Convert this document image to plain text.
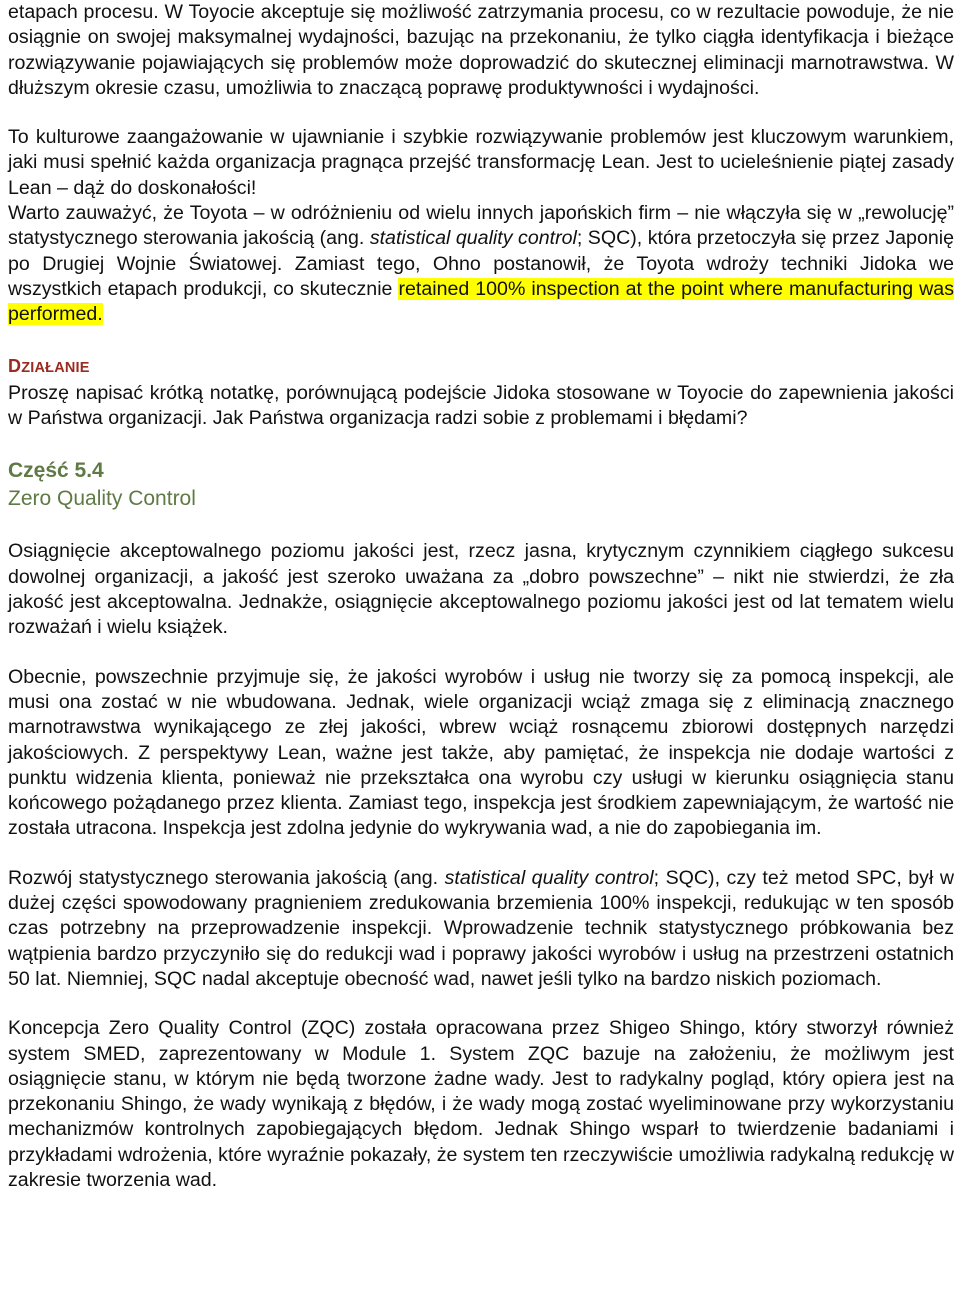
etapach procesu. W Toyocie akceptuje się możliwość zatrzymania procesu, co w rezultacie powoduje, że nie osiągnie on swojej maksymalnej wydajności, bazując na przekonaniu, że tylko ciągła identyfikacja i bieżące rozwiązywanie pojawiających się problemów może doprowadzić do skutecznej eliminacji marnotrawstwa. W dłuższym okresie czasu, umożliwia to znaczącą poprawę produktywności i wydajności.

To kulturowe zaangażowanie w ujawnianie i szybkie rozwiązywanie problemów jest kluczowym warunkiem, jaki musi spełnić każda organizacja pragnąca przejść transformację Lean. Jest to ucieleśnienie piątej zasady Lean – dąż do doskonałości!

Warto zauważyć, że Toyota – w odróżnieniu od wielu innych japońskich firm – nie włączyła się w „rewolucję” statystycznego sterowania jakością (ang. statistical quality control; SQC), która przetoczyła się przez Japonię po Drugiej Wojnie Światowej. Zamiast tego, Ohno postanowił, że Toyota wdroży techniki Jidoka we wszystkich etapach produkcji, co skutecznie retained 100% inspection at the point where manufacturing was performed.

DZIAŁANIE

Proszę napisać krótką notatkę, porównującą podejście Jidoka stosowane w Toyocie do zapewnienia jakości w Państwa organizacji. Jak Państwa organizacja radzi sobie z problemami i błędami?

Część 5.4
Zero Quality Control

Osiągnięcie akceptowalnego poziomu jakości jest, rzecz jasna, krytycznym czynnikiem ciągłego sukcesu dowolnej organizacji, a jakość jest szeroko uważana za „dobro powszechne” – nikt nie stwierdzi, że zła jakość jest akceptowalna. Jednakże, osiągnięcie akceptowalnego poziomu jakości jest od lat tematem wielu rozważań i wielu książek.

Obecnie, powszechnie przyjmuje się, że jakości wyrobów i usług nie tworzy się za pomocą inspekcji, ale musi ona zostać w nie wbudowana. Jednak, wiele organizacji wciąż zmaga się z eliminacją znacznego marnotrawstwa wynikającego ze złej jakości, wbrew wciąż rosnącemu zbiorowi dostępnych narzędzi jakościowych. Z perspektywy Lean, ważne jest także, aby pamiętać, że inspekcja nie dodaje wartości z punktu widzenia klienta, ponieważ nie przekształca ona wyrobu czy usługi w kierunku osiągnięcia stanu końcowego pożądanego przez klienta. Zamiast tego, inspekcja jest środkiem zapewniającym, że wartość nie została utracona. Inspekcja jest zdolna jedynie do wykrywania wad, a nie do zapobiegania im.

Rozwój statystycznego sterowania jakością (ang. statistical quality control; SQC), czy też metod SPC, był w dużej części spowodowany pragnieniem zredukowania brzemienia 100% inspekcji, redukując w ten sposób czas potrzebny na przeprowadzenie inspekcji. Wprowadzenie technik statystycznego próbkowania bez wątpienia bardzo przyczyniło się do redukcji wad i poprawy jakości wyrobów i usług na przestrzeni ostatnich 50 lat. Niemniej, SQC nadal akceptuje obecność wad, nawet jeśli tylko na bardzo niskich poziomach.

Koncepcja Zero Quality Control (ZQC) została opracowana przez Shigeo Shingo, który stworzył również system SMED, zaprezentowany w Module 1. System ZQC bazuje na założeniu, że możliwym jest osiągnięcie stanu, w którym nie będą tworzone żadne wady. Jest to radykalny pogląd, który opiera jest na przekonaniu Shingo, że wady wynikają z błędów, i że wady mogą zostać wyeliminowane przy wykorzystaniu mechanizmów kontrolnych zapobiegających błędom. Jednak Shingo wsparł to twierdzenie badaniami i przykładami wdrożenia, które wyraźnie pokazały, że system ten rzeczywiście umożliwia radykalną redukcję w zakresie tworzenia wad.
